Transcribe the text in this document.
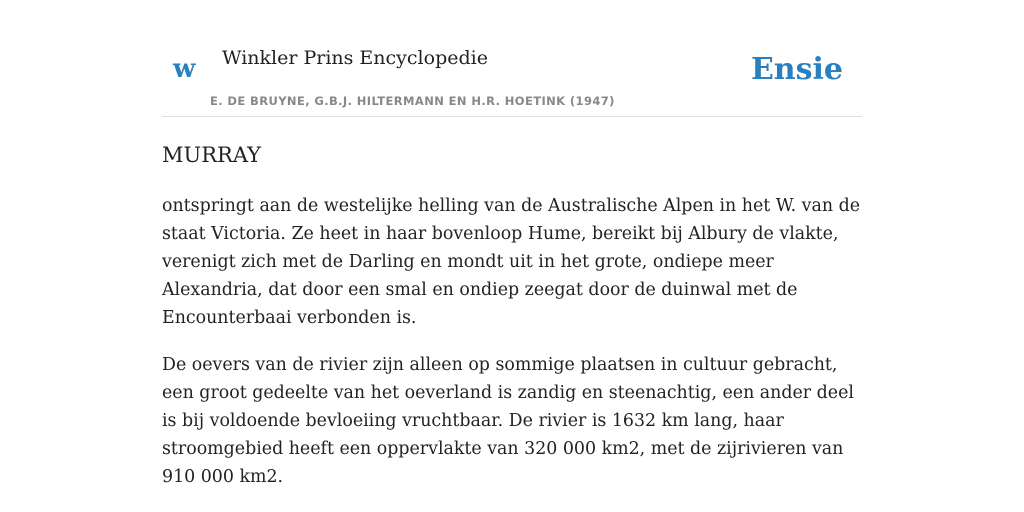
w Winkler Prins Encyclopedie
E. DE BRUYNE, G.B.J. HILTERMANN EN H.R. HOETINK (1947)
Ensie
MURRAY

ontspringt aan de westelijke helling van de Australische Alpen in het W. van de staat Victoria. Ze heet in haar bovenloop Hume, bereikt bij Albury de vlakte, verenigt zich met de Darling en mondt uit in het grote, ondiepe meer Alexandria, dat door een smal en ondiep zeegat door de duinwal met de Encounterbaai verbonden is.

De oevers van de rivier zijn alleen op sommige plaatsen in cultuur gebracht, een groot gedeelte van het oeverland is zandig en steenachtig, een ander deel is bij voldoende bevloeiing vruchtbaar. De rivier is 1632 km lang, haar stroomgebied heeft een oppervlakte van 320 000 km2, met de zijrivieren van 910 000 km2.
